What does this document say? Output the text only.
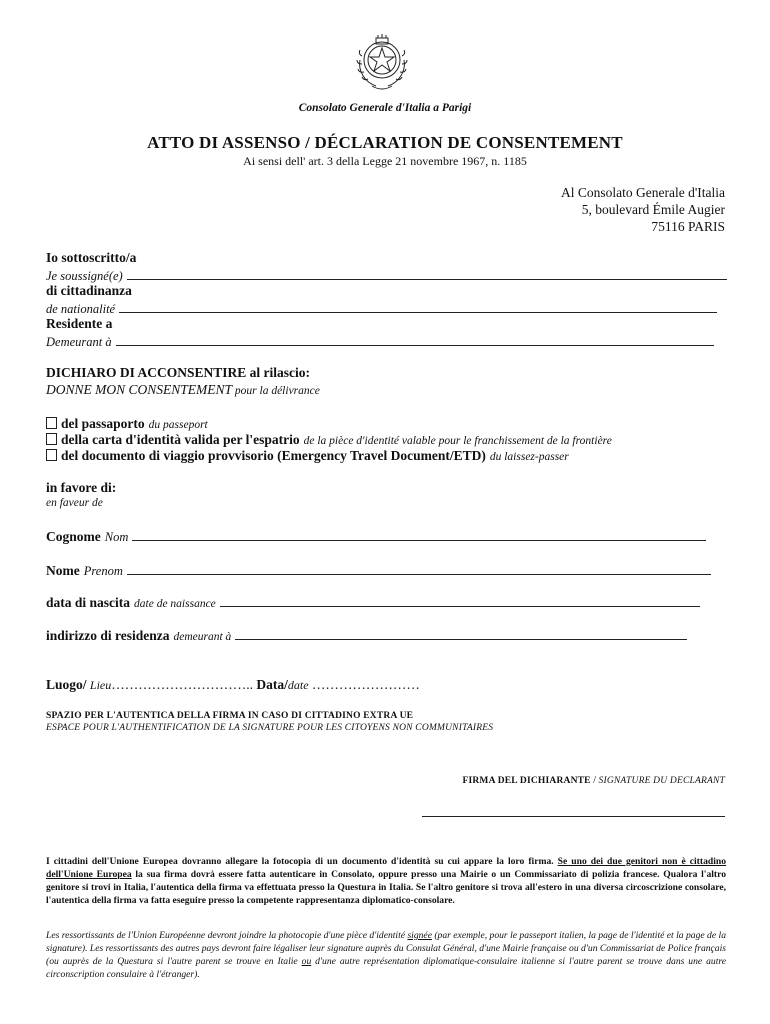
Consolato Generale d'Italia a Parigi
ATTO DI ASSENSO / DÉCLARATION DE CONSENTEMENT
Ai sensi dell' art. 3 della Legge 21 novembre 1967, n. 1185
Al Consolato Generale d'Italia
5, boulevard Émile Augier
75116 PARIS
Io sottoscritto/a
Je soussigné(e)
di cittadinanza
de nationalité
Residente a
Demeurant à
DICHIARO DI ACCONSENTIRE al rilascio:
DONNE MON CONSENTEMENT pour la délivrance
del passaporto du passeport
della carta d'identità valida per l'espatrio de la pièce d'identité valable pour le franchissement de la frontière
del documento di viaggio provvisorio (Emergency Travel Document/ETD) du laissez-passer
in favore di:
en faveur de
Cognome Nom
Nome Prenom
data di nascita date de naissance
indirizzo di residenza demeurant à
Luogo/ Lieu………………………….. Data/date ……………………
SPAZIO PER L'AUTENTICA DELLA FIRMA IN CASO DI CITTADINO EXTRA UE
ESPACE POUR L'AUTHENTIFICATION DE LA SIGNATURE POUR LES CITOYENS NON COMMUNITAIRES
FIRMA DEL DICHIARANTE / SIGNATURE DU DECLARANT
I cittadini dell'Unione Europea dovranno allegare la fotocopia di un documento d'identità su cui appare la loro firma. Se uno dei due genitori non è cittadino dell'Unione Europea la sua firma dovrà essere fatta autenticare in Consolato, oppure presso una Mairie o un Commissariato di polizia francese. Qualora l'altro genitore si trovi in Italia, l'autentica della firma va effettuata presso la Questura in Italia. Se l'altro genitore si trova all'estero in una diversa circoscrizione consolare, l'autentica della firma va fatta eseguire presso la competente rappresentanza diplomatico-consolare.
Les ressortissants de l'Union Européenne devront joindre la photocopie d'une pièce d'identité signée (par exemple, pour le passeport italien, la page de l'identité et la page de la signature). Les ressortissants des autres pays devront faire légaliser leur signature auprès du Consulat Général, d'une Mairie française ou d'un Commissariat de Police français (ou auprès de la Questura si l'autre parent se trouve en Italie ou d'une autre représentation diplomatique-consulaire italienne si l'autre parent se trouve dans une autre circonscription consulaire à l'étranger).
